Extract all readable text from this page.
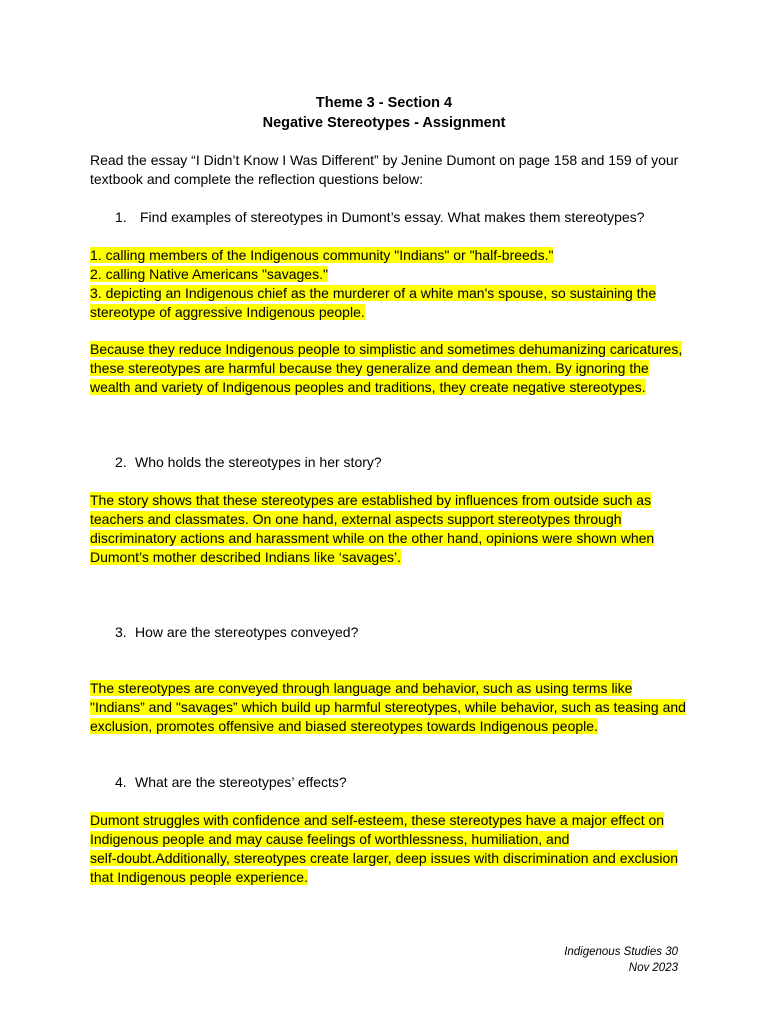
Theme 3 - Section 4
Negative Stereotypes - Assignment
Read the essay “I Didn’t Know I Was Different” by Jenine Dumont on page 158 and 159 of your
textbook and complete the reflection questions below:
1. Find examples of stereotypes in Dumont’s essay. What makes them stereotypes?
1. calling members of the Indigenous community "Indians" or "half-breeds."
2. calling Native Americans "savages."
3. depicting an Indigenous chief as the murderer of a white man's spouse, so sustaining the
stereotype of aggressive Indigenous people.
Because they reduce Indigenous people to simplistic and sometimes dehumanizing caricatures,
these stereotypes are harmful because they generalize and demean them. By ignoring the
wealth and variety of Indigenous peoples and traditions, they create negative stereotypes.
2. Who holds the stereotypes in her story?
The story shows that these stereotypes are established by influences from outside such as
teachers and classmates. On one hand, external aspects support stereotypes through
discriminatory actions and harassment while on the other hand, opinions were shown when
Dumont’s mother described Indians like ‘savages’.
3. How are the stereotypes conveyed?
The stereotypes are conveyed through language and behavior, such as using terms like
"Indians” and "savages” which build up harmful stereotypes, while behavior, such as teasing and
exclusion, promotes offensive and biased stereotypes towards Indigenous people.
4. What are the stereotypes’ effects?
Dumont struggles with confidence and self-esteem, these stereotypes have a major effect on
Indigenous people and may cause feelings of worthlessness, humiliation, and
self-doubt.Additionally, stereotypes create larger, deep issues with discrimination and exclusion
that Indigenous people experience.
Indigenous Studies 30
Nov 2023
